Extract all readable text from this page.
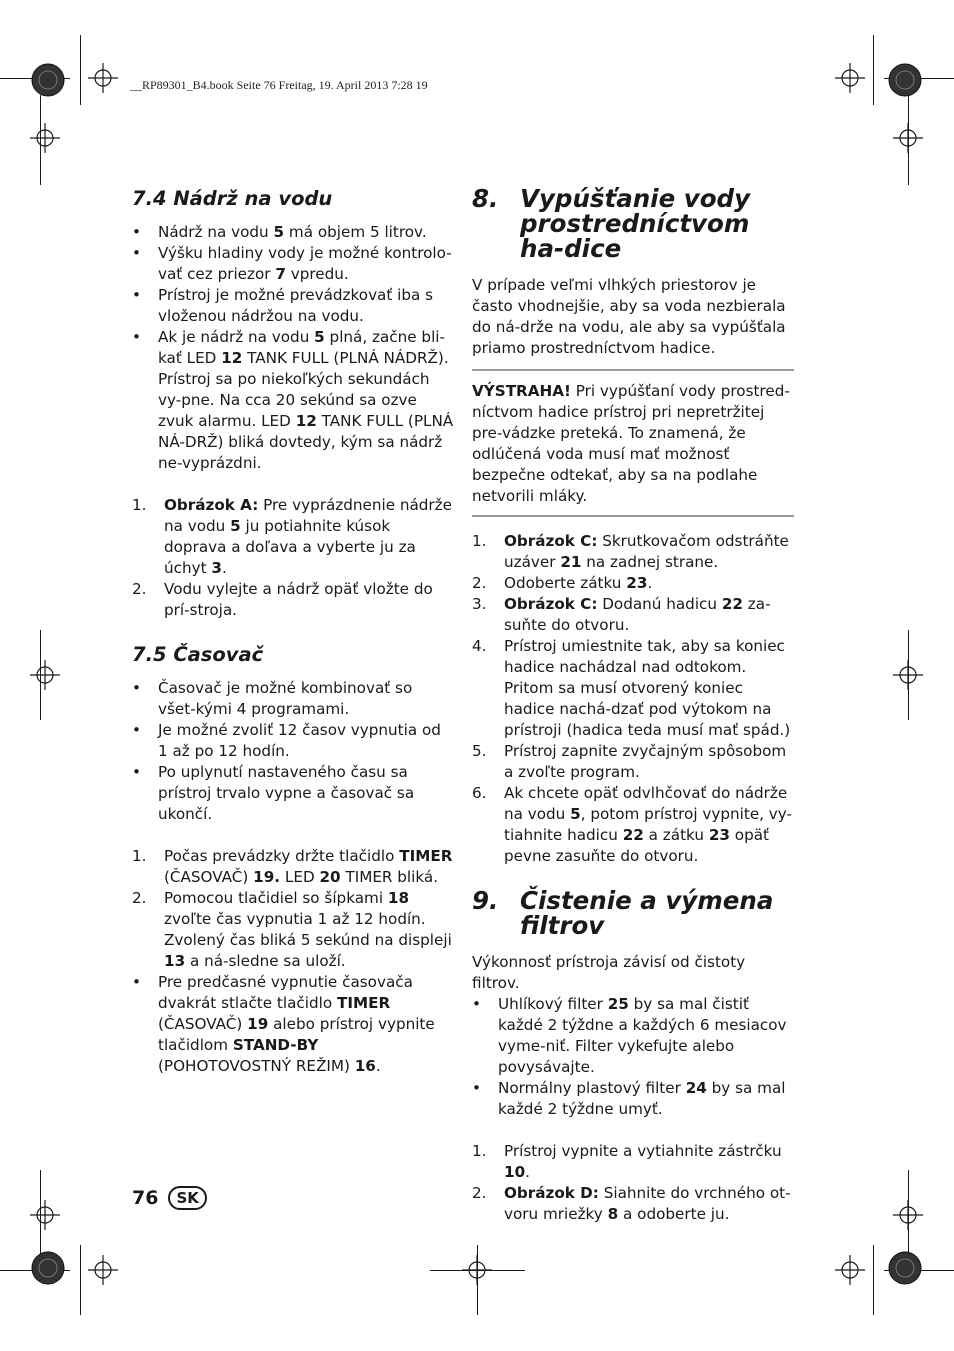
__RP89301_B4.book Seite 76 Freitag, 19. April 2013 7:28 19
7.4 Nádrž na vodu
• Nádrž na vodu 5 má objem 5 litrov.
• Výšku hladiny vody je možné kontrolo-vať cez priezor 7 vpredu.
• Prístroj je možné prevádzkovať iba s vloženou nádržou na vodu.
• Ak je nádrž na vodu 5 plná, začne bli-kať LED 12 TANK FULL (PLNÁ NÁDRŽ). Prístroj sa po niekoľkých sekundách vy-pne. Na cca 20 sekúnd sa ozve zvuk alarmu. LED 12 TANK FULL (PLNÁ NÁ-DRŽ) bliká dovtedy, kým sa nádrž ne-vyprázdni.
1. Obrázok A: Pre vyprázdnenie nádrže na vodu 5 ju potiahnite kúsok doprava a doľava a vyberte ju za úchyt 3.
2. Vodu vylejte a nádrž opäť vložte do prí-stroja.
7.5 Časovač
• Časovač je možné kombinovať so všet-kými 4 programami.
• Je možné zvoliť 12 časov vypnutia od 1 až po 12 hodín.
• Po uplynutí nastaveného času sa prístroj trvalo vypne a časovač sa ukončí.
1. Počas prevádzky držte tlačidlo TIMER (ČASOVAČ) 19. LED 20 TIMER bliká.
2. Pomocou tlačidiel so šípkami 18 zvoľte čas vypnutia 1 až 12 hodín. Zvolený čas bliká 5 sekúnd na displeji 13 a ná-sledne sa uloží.
• Pre predčasné vypnutie časovača dvakrát stlačte tlačidlo TIMER (ČASOVAČ) 19 alebo prístroj vypnite tlačidlom STAND-BY (POHOTOVOSTNÝ REŽIM) 16.
8. Vypúšťanie vody prostredníctvom ha-dice

V prípade veľmi vlhkých priestorov je často vhodnejšie, aby sa voda nezbierala do ná-drže na vodu, ale aby sa vypúšťala priamo prostredníctvom hadice.

VÝSTRAHA! Pri vypúšťaní vody prostred-níctvom hadice prístroj pri nepretržitej pre-vádzke preteká. To znamená, že odlúčená voda musí mať možnosť bezpečne odtekať, aby sa na podlahe netvorili mláky.
1. Obrázok C: Skrutkovačom odstráňte uzáver 21 na zadnej strane.
2. Odoberte zátku 23.
3. Obrázok C: Dodanú hadicu 22 za-suňte do otvoru.
4. Prístroj umiestnite tak, aby sa koniec hadice nachádzal nad odtokom. Pritom sa musí otvorený koniec hadice nachá-dzať pod výtokom na prístroji (hadica teda musí mať spád.)
5. Prístroj zapnite zvyčajným spôsobom a zvoľte program.
6. Ak chcete opäť odvlhčovať do nádrže na vodu 5, potom prístroj vypnite, vy-tiahnite hadicu 22 a zátku 23 opäť pevne zasuňte do otvoru.
9. Čistenie a výmena filtrov

Výkonnosť prístroja závisí od čistoty filtrov.

• Uhlíkový filter 25 by sa mal čistiť každé 2 týždne a každých 6 mesiacov vyme-niť. Filter vykefujte alebo povysávajte.
• Normálny plastový filter 24 by sa mal každé 2 týždne umyť.
1. Prístroj vypnite a vytiahnite zástrčku 10.
2. Obrázok D: Siahnite do vrchného ot-voru mriežky 8 a odoberte ju.
76	SK
